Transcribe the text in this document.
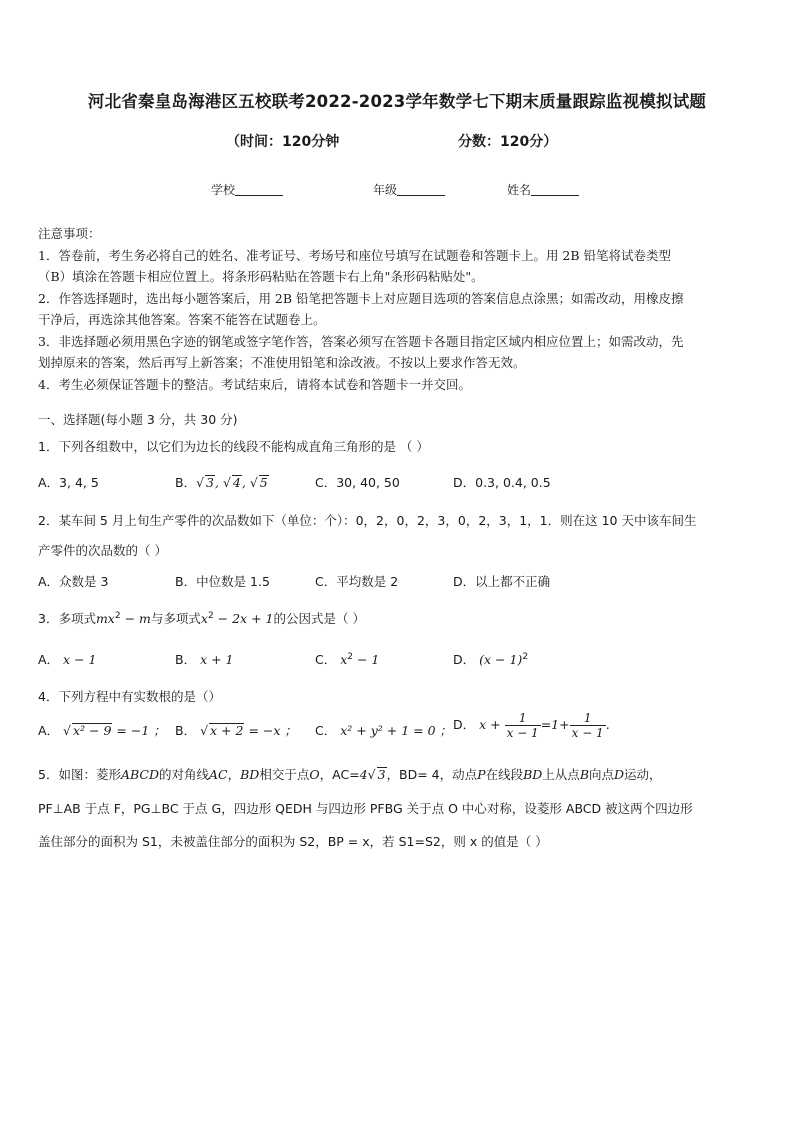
河北省秦皇岛海港区五校联考2022-2023学年数学七下期末质量跟踪监视模拟试题
（时间：120分钟	分数：120分）
学校	年级	姓名
注意事项：
1．答卷前，考生务必将自己的姓名、准考证号、考场号和座位号填写在试题卷和答题卡上。用 2B 铅笔将试卷类型
（B）填涂在答题卡相应位置上。将条形码粘贴在答题卡右上角"条形码粘贴处"。
2．作答选择题时，选出每小题答案后，用 2B 铅笔把答题卡上对应题目选项的答案信息点涂黑；如需改动，用橡皮擦
干净后，再选涂其他答案。答案不能答在试题卷上。
3．非选择题必须用黑色字迹的钢笔或签字笔作答，答案必须写在答题卡各题目指定区域内相应位置上；如需改动，先
划掉原来的答案，然后再写上新答案；不准使用铅笔和涂改液。不按以上要求作答无效。
4．考生必须保证答题卡的整洁。考试结束后，请将本试卷和答题卡一并交回。
一、选择题(每小题 3 分，共 30 分)
1．下列各组数中，以它们为边长的线段不能构成直角三角形的是 （ ）
A．3, 4, 5	B．√ 3, √ 4, √ 5	C．30, 40, 50	D．0.3, 0.4, 0.5
2．某车间 5 月上旬生产零件的次品数如下（单位：个）：0，2，0，2，3，0，2，3，1，1．则在这 10 天中该车间生
产零件的次品数的（ ）
A．众数是 3	B．中位数是 1.5	C．平均数是 2	D．以上都不正确
3．多项式$mx^2 - m$与多项式$x^2 - 2x + 1$的公因式是（ ）
A． x − 1	B． x + 1	C． $x^2 - 1$	D． $(x - 1)^2$
4．下列方程中有实数根的是（）
A． √ x² − 9 = −1 ； B． √ x + 2 = −x ； C． x² + y² + 1 = 0 ； D． $x + \frac{1}{x - 1} =1+ \frac{1}{x - 1}$ .
5．如图：菱形ABCD的对角线AC，BD相交于点O，AC=4√ 3，BD= 4，动点P在线段BD上从点B向点D运动，
PF⊥AB 于点 F，PG⊥BC 于点 G，四边形 QEDH 与四边形 PFBG 关于点 O 中心对称，设菱形 ABCD 被这两个四边形
盖住部分的面积为 S1，未被盖住部分的面积为 S2，BP = x，若 S1=S2，则 x 的值是（ ）
